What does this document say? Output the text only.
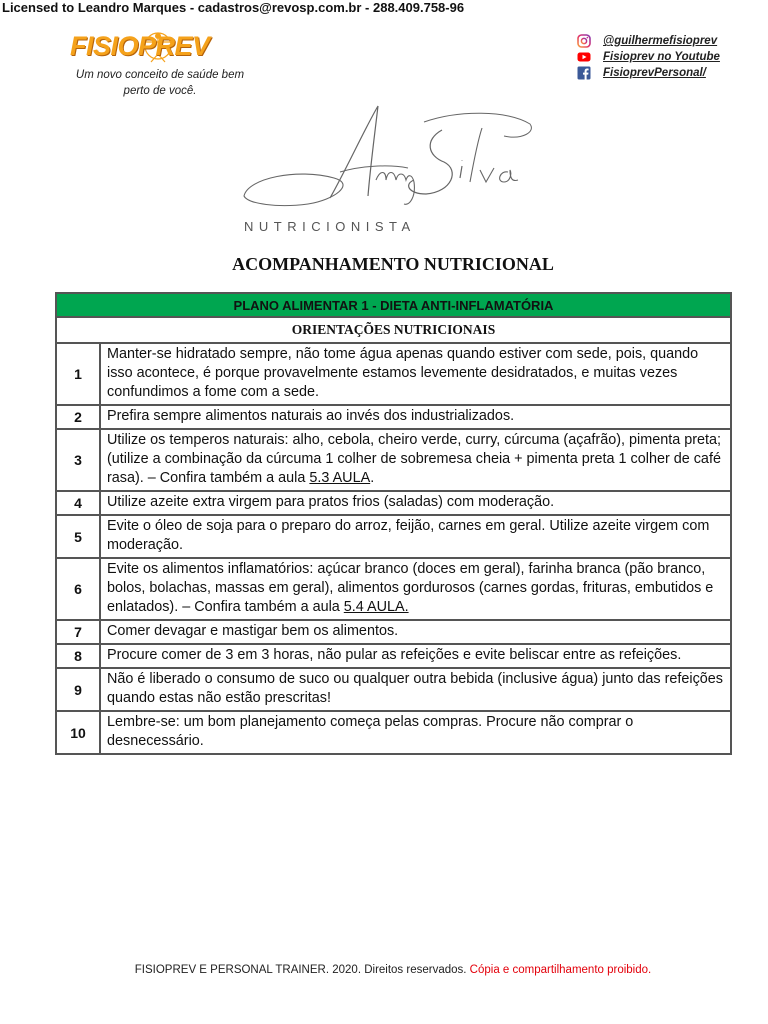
Licensed to Leandro Marques - cadastros@revosp.com.br - 288.409.758-96
FISIOPREV
Um novo conceito de saúde bem
perto de você.
@guilhermefisioprev
Fisioprev no Youtube
FisioprevPersonal/
NUTRICIONISTA
ACOMPANHAMENTO NUTRICIONAL
PLANO ALIMENTAR 1 - DIETA ANTI-INFLAMATÓRIA	
ORIENTAÇÕES NUTRICIONAIS	
1	Manter-se hidratado sempre, não tome água apenas quando estiver com sede, pois, quando isso acontece, é porque provavelmente estamos levemente desidratados, e muitas vezes confundimos a fome com a sede.
2	Prefira sempre alimentos naturais ao invés dos industrializados.
3	Utilize os temperos naturais: alho, cebola, cheiro verde, curry, cúrcuma (açafrão), pimenta preta; (utilize a combinação da cúrcuma 1 colher de sobremesa cheia + pimenta preta 1 colher de café rasa). – Confira também a aula 5.3 AULA.
4	Utilize azeite extra virgem para pratos frios (saladas) com moderação.
5	Evite o óleo de soja para o preparo do arroz, feijão, carnes em geral. Utilize azeite virgem com moderação.
6	Evite os alimentos inflamatórios: açúcar branco (doces em geral), farinha branca (pão branco, bolos, bolachas, massas em geral), alimentos gordurosos (carnes gordas, frituras, embutidos e enlatados). – Confira também a aula 5.4 AULA.
7	Comer devagar e mastigar bem os alimentos.
8	Procure comer de 3 em 3 horas, não pular as refeições e evite beliscar entre as refeições.
9	Não é liberado o consumo de suco ou qualquer outra bebida (inclusive água) junto das refeições quando estas não estão prescritas!
10	Lembre-se: um bom planejamento começa pelas compras. Procure não comprar o desnecessário.
FISIOPREV E PERSONAL TRAINER. 2020. Direitos reservados. Cópia e compartilhamento proibido.
